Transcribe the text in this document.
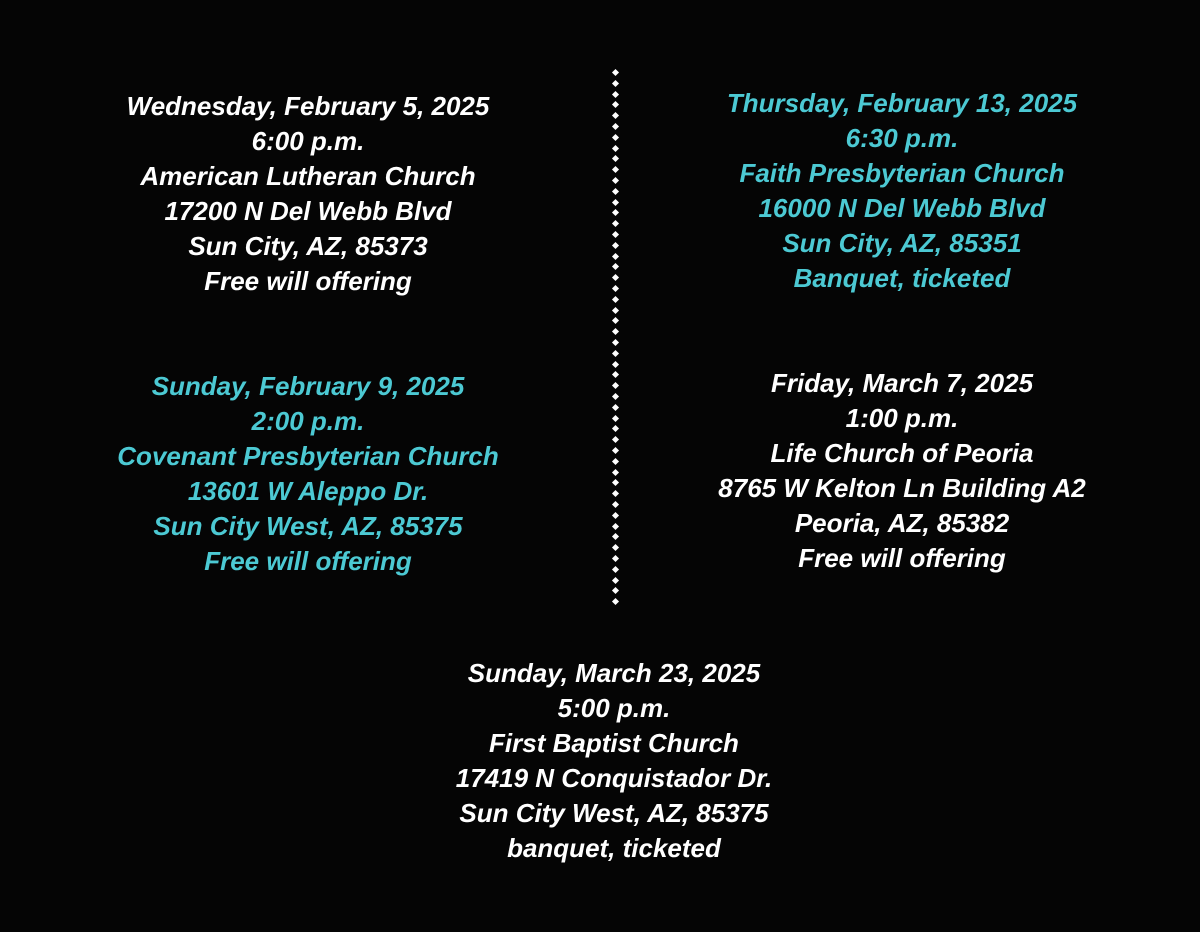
Wednesday, February 5, 2025
6:00 p.m.
American Lutheran Church
17200 N Del Webb Blvd
Sun City, AZ, 85373
Free will offering
Thursday, February 13, 2025
6:30 p.m.
Faith Presbyterian Church
16000 N Del Webb Blvd
Sun City, AZ, 85351
Banquet, ticketed
Sunday, February 9, 2025
2:00 p.m.
Covenant Presbyterian Church
13601 W Aleppo Dr.
Sun City West, AZ, 85375
Free will offering
Friday, March 7, 2025
1:00 p.m.
Life Church of Peoria
8765 W Kelton Ln Building A2
Peoria, AZ, 85382
Free will offering
Sunday, March 23, 2025
5:00 p.m.
First Baptist Church
17419 N Conquistador Dr.
Sun City West, AZ, 85375
banquet, ticketed
